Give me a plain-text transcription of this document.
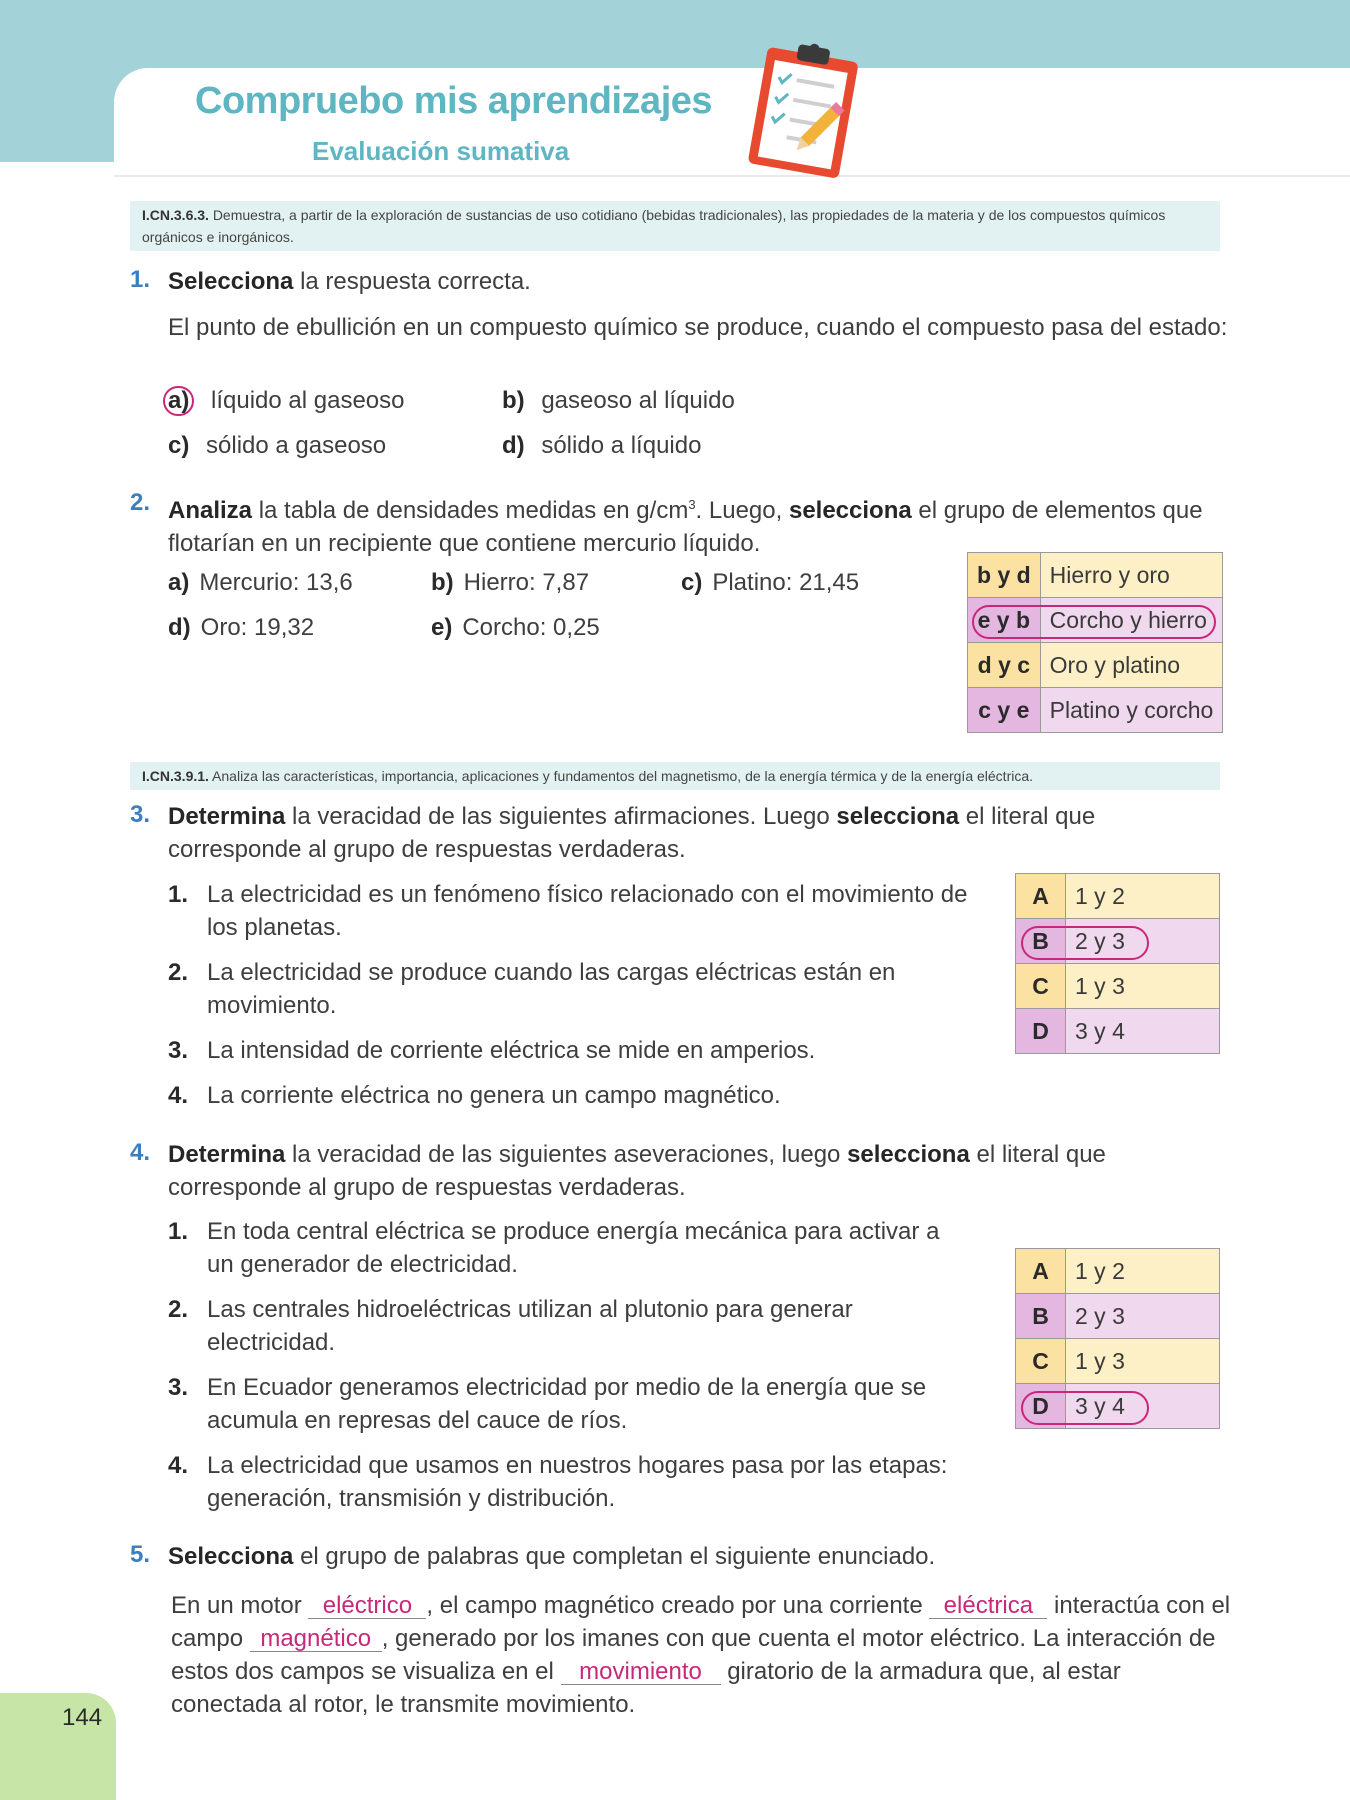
Compruebo mis aprendizajes
Evaluación sumativa
I.CN.3.6.3. Demuestra, a partir de la exploración de sustancias de uso cotidiano (bebidas tradicionales), las propiedades de la materia y de los compuestos químicos orgánicos e inorgánicos.
1. Selecciona la respuesta correcta.
El punto de ebullición en un compuesto químico se produce, cuando el compuesto pasa del estado:
a) líquido al gaseoso	b) gaseoso al líquido
c) sólido a gaseoso	d) sólido a líquido
2. Analiza la tabla de densidades medidas en $g/cm^3$. Luego, selecciona el grupo de elementos que flotarían en un recipiente que contiene mercurio líquido.
a) Mercurio: 13,6	b) Hierro: 7,87	c) Platino: 21,45
d) Oro: 19,32	e) Corcho: 0,25
b y d	Hierro y oro
e y b	Corcho y hierro
d y c	Oro y platino
c y e	Platino y corcho
I.CN.3.9.1. Analiza las características, importancia, aplicaciones y fundamentos del magnetismo, de la energía térmica y de la energía eléctrica.
3. Determina la veracidad de las siguientes afirmaciones. Luego selecciona el literal que corresponde al grupo de respuestas verdaderas.
1. La electricidad es un fenómeno físico relacionado con el movimiento de los planetas.
2. La electricidad se produce cuando las cargas eléctricas están en movimiento.
3. La intensidad de corriente eléctrica se mide en amperios.
4. La corriente eléctrica no genera un campo magnético.
A	1 y 2
B	2 y 3
C	1 y 3
D	3 y 4
4. Determina la veracidad de las siguientes aseveraciones, luego selecciona el literal que corresponde al grupo de respuestas verdaderas.
1. En toda central eléctrica se produce energía mecánica para activar a un generador de electricidad.
2. Las centrales hidroeléctricas utilizan al plutonio para generar electricidad.
3. En Ecuador generamos electricidad por medio de la energía que se acumula en represas del cauce de ríos.
4. La electricidad que usamos en nuestros hogares pasa por las etapas: generación, transmisión y distribución.
A	1 y 2
B	2 y 3
C	1 y 3
D	3 y 4
5. Selecciona el grupo de palabras que completan el siguiente enunciado.
En un motor eléctrico , el campo magnético creado por una corriente eléctrica interactúa con el campo magnético , generado por los imanes con que cuenta el motor eléctrico. La interacción de estos dos campos se visualiza en el movimiento giratorio de la armadura que, al estar conectada al rotor, le transmite movimiento.
144
